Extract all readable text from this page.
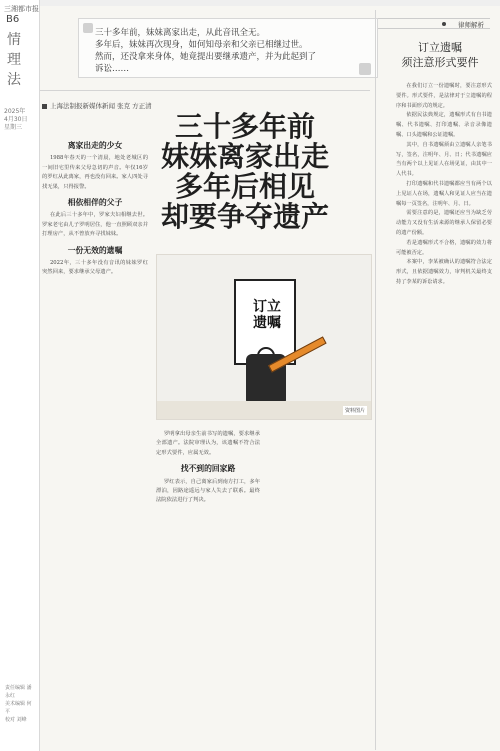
三湘都市报
B6
情
理
法
2025年
4月30日
星期三
责任编辑 潘永红
美术编辑 何平
校对 刘峰
三十多年前，妹妹离家出走，从此音讯全无。
多年后，妹妹再次现身，如何知母亲和父亲已相继过世。
然而，还没拿来身体，她竟提出要继承遗产，并为此起到了
诉讼……
上海法制报新媒体新闻 张克 方正清
离家出走的少女

1988年春天的一个清晨，地处老城区的一间旧宅里传来父母急切的声音。年仅16岁的罗红从此离家，再也没有回来。家人四处寻找无果，只得报警。

相依相伴的父子

在此后三十多年中，罗家夫妇相继去世。罗家老宅由儿子罗明居住，他一直照顾双亲并打理房产，从不曾放弃寻找妹妹。

一份无效的遗嘱

2022年，三十多年没有音讯的妹妹罗红突然回来，要求继承父母遗产。

三十多年前
妹妹离家出走
多年后相见
却要争夺遗产
订立
遗嘱
资料图片

罗明拿出母亲生前书写的遗嘱，要求继承全部遗产。法院审理认为，该遗嘱不符合法定形式要件，应属无效。

找不到的回家路

罗红表示，自己离家后到南方打工，多年漂泊，因路途遥远与家人失去了联系。最终法院依法进行了判决。

律师解析
订立遗嘱
须注意形式要件

在我们订立一份遗嘱时，要注意形式要件。形式要件，是法律对于立遗嘱的程序和书面形式的规定。

依据民法典规定，遗嘱形式有自书遗嘱、代书遗嘱、打印遗嘱、录音录像遗嘱、口头遗嘱和公证遗嘱。

其中，自书遗嘱须由立遗嘱人亲笔书写，签名，注明年、月、日；代书遗嘱应当有两个以上见证人在场见证，由其中一人代书。

打印遗嘱和代书遗嘱都应当有两个以上见证人在场，遗嘱人和见证人应当在遗嘱每一页签名，注明年、月、日。

需要注意的是，遗嘱还应当为缺乏劳动能力又没有生活来源的继承人保留必要的遗产份额。

若是遗嘱形式不合格，遗嘱的效力将可能被否定。

本案中，李某被确认的遗嘱符合法定形式，且依据遗嘱效力，审判机关最终支持了李某的诉讼请求。
